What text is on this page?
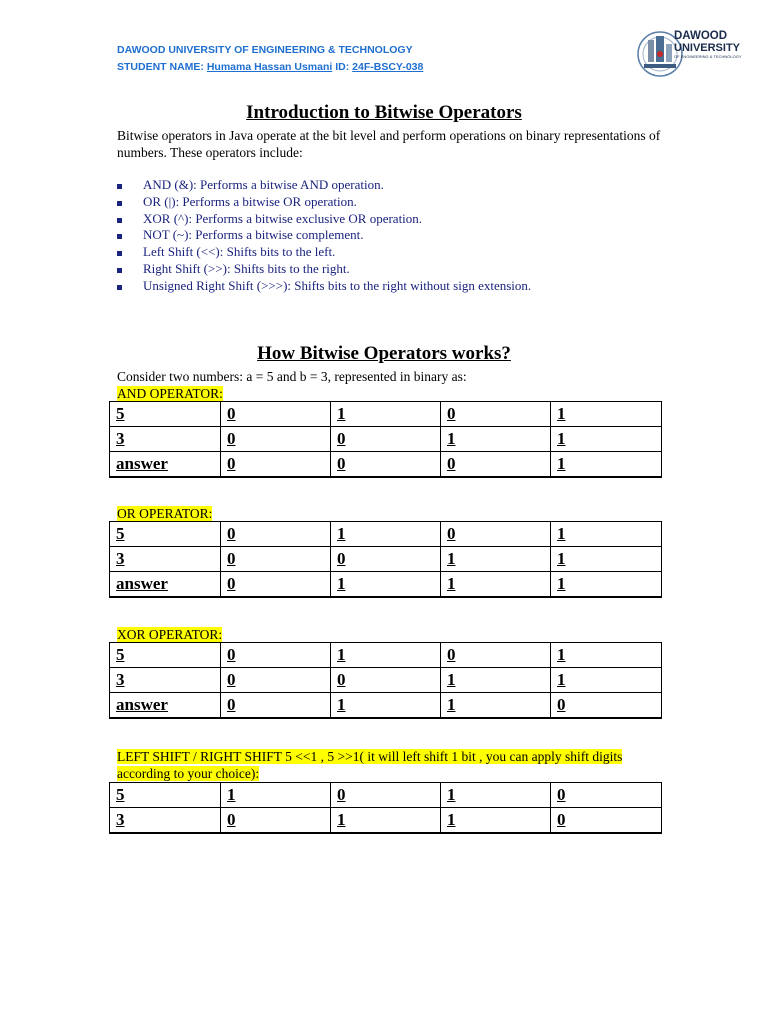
DAWOOD UNIVERSITY OF ENGINEERING & TECHNOLOGY
STUDENT NAME: Humama Hassan Usmani ID: 24F-BSCY-038
DAWOOD
UNIVERSITY
OF ENGINEERING & TECHNOLOGY
Introduction to Bitwise Operators
Bitwise operators in Java operate at the bit level and perform operations on binary representations of numbers. These operators include:
AND (&): Performs a bitwise AND operation.
OR (|): Performs a bitwise OR operation.
XOR (^): Performs a bitwise exclusive OR operation.
NOT (~): Performs a bitwise complement.
Left Shift (<<): Shifts bits to the left.
Right Shift (>>): Shifts bits to the right.
Unsigned Right Shift (>>>): Shifts bits to the right without sign extension.
How Bitwise Operators works?
Consider two numbers: a = 5 and b = 3, represented in binary as:
AND OPERATOR:
5	0	1	0	1
3	0	0	1	1
answer	0	0	0	1
OR OPERATOR:
5	0	1	0	1
3	0	0	1	1
answer	0	1	1	1
XOR OPERATOR:
5	0	1	0	1
3	0	0	1	1
answer	0	1	1	0
LEFT SHIFT / RIGHT SHIFT 5 <<1 , 5 >>1( it will left shift 1 bit , you can apply shift digits according to your choice):
5	1	0	1	0
3	0	1	1	0
